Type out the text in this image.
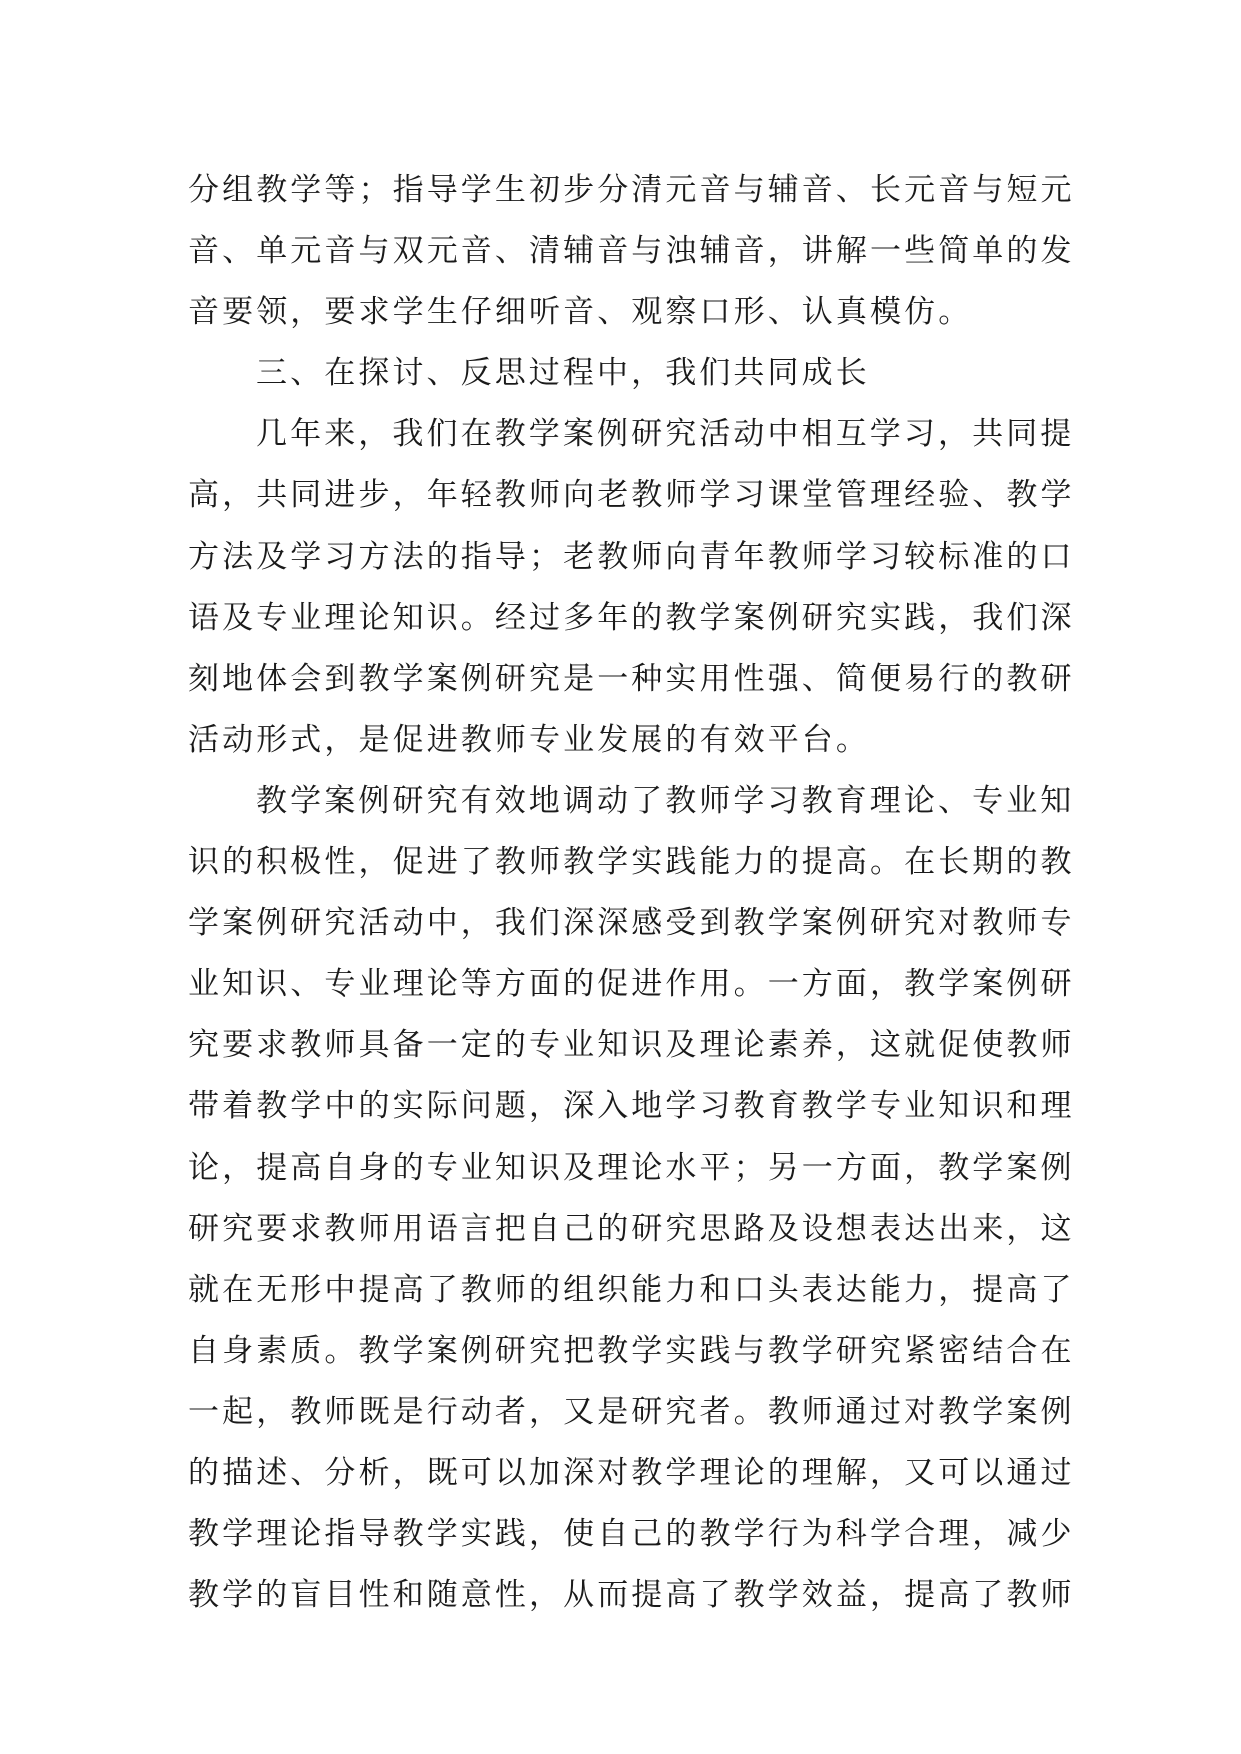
分组教学等；指导学生初步分清元音与辅音、长元音与短元
音、单元音与双元音、清辅音与浊辅音，讲解一些简单的发
音要领，要求学生仔细听音、观察口形、认真模仿。
三、在探讨、反思过程中，我们共同成长
几年来，我们在教学案例研究活动中相互学习，共同提
高，共同进步，年轻教师向老教师学习课堂管理经验、教学
方法及学习方法的指导；老教师向青年教师学习较标准的口
语及专业理论知识。经过多年的教学案例研究实践，我们深
刻地体会到教学案例研究是一种实用性强、简便易行的教研
活动形式，是促进教师专业发展的有效平台。
教学案例研究有效地调动了教师学习教育理论、专业知
识的积极性，促进了教师教学实践能力的提高。在长期的教
学案例研究活动中，我们深深感受到教学案例研究对教师专
业知识、专业理论等方面的促进作用。一方面，教学案例研
究要求教师具备一定的专业知识及理论素养，这就促使教师
带着教学中的实际问题，深入地学习教育教学专业知识和理
论，提高自身的专业知识及理论水平；另一方面，教学案例
研究要求教师用语言把自己的研究思路及设想表达出来，这
就在无形中提高了教师的组织能力和口头表达能力，提高了
自身素质。教学案例研究把教学实践与教学研究紧密结合在
一起，教师既是行动者，又是研究者。教师通过对教学案例
的描述、分析，既可以加深对教学理论的理解，又可以通过
教学理论指导教学实践，使自己的教学行为科学合理，减少
教学的盲目性和随意性，从而提高了教学效益，提高了教师
